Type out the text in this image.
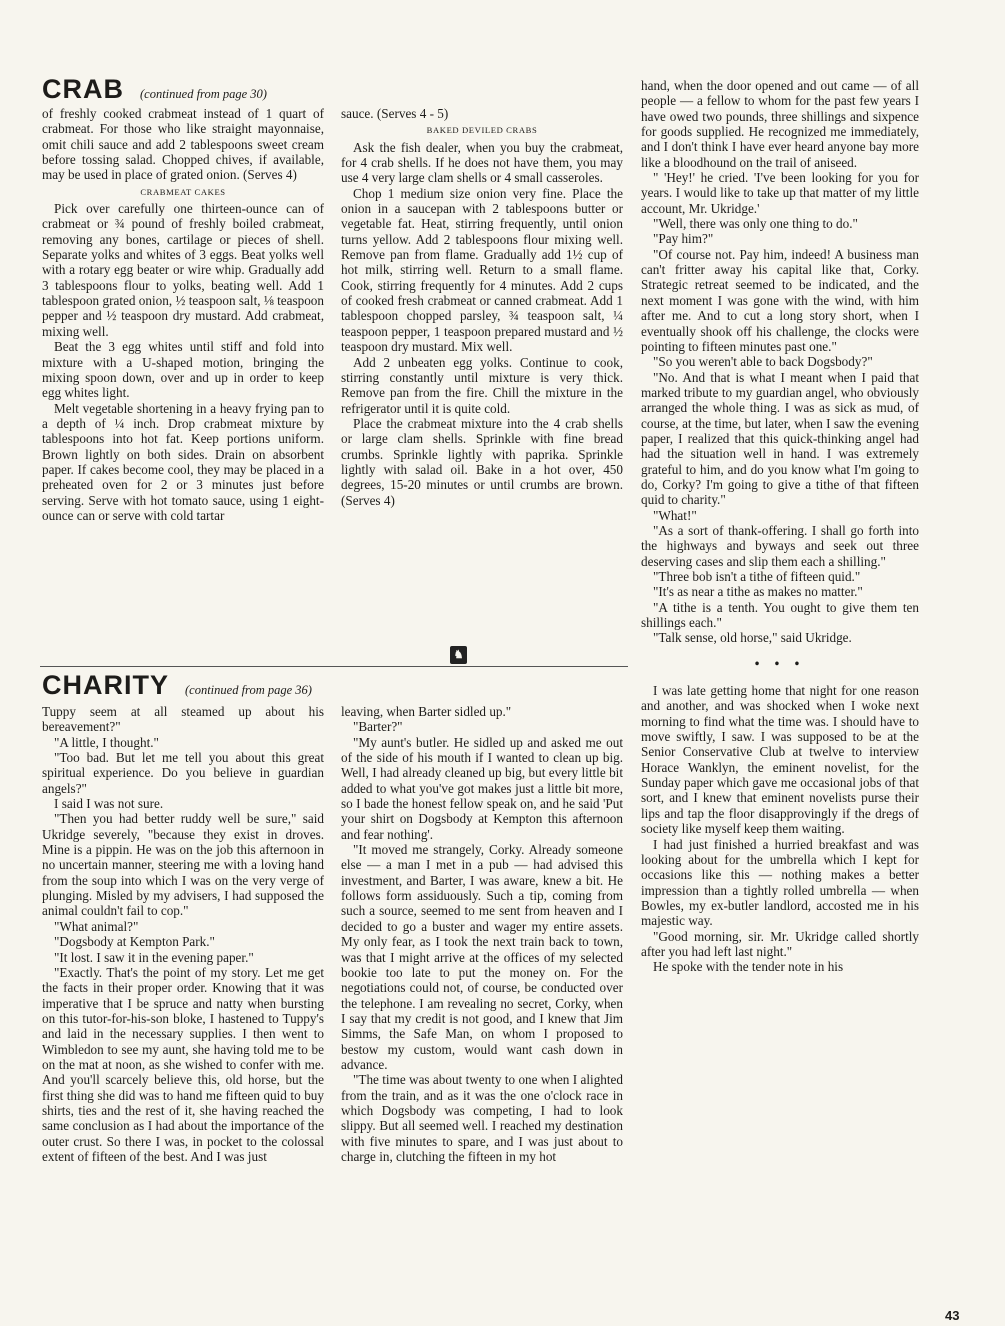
CRAB (continued from page 30)

of freshly cooked crabmeat instead of 1 quart of crabmeat. For those who like straight mayonnaise, omit chili sauce and add 2 tablespoons sweet cream before tossing salad. Chopped chives, if available, may be used in place of grated onion. (Serves 4)

CRABMEAT CAKES

Pick over carefully one thirteen-ounce can of crabmeat or ¾ pound of freshly boiled crabmeat, removing any bones, cartilage or pieces of shell. Separate yolks and whites of 3 eggs. Beat yolks well with a rotary egg beater or wire whip. Gradually add 3 tablespoons flour to yolks, beating well. Add 1 tablespoon grated onion, ½ teaspoon salt, ⅛ teaspoon pepper and ½ teaspoon dry mustard. Add crabmeat, mixing well.

Beat the 3 egg whites until stiff and fold into mixture with a U-shaped motion, bringing the mixing spoon down, over and up in order to keep egg whites light.

Melt vegetable shortening in a heavy frying pan to a depth of ¼ inch. Drop crabmeat mixture by tablespoons into hot fat. Keep portions uniform. Brown lightly on both sides. Drain on absorbent paper. If cakes become cool, they may be placed in a preheated oven for 2 or 3 minutes just before serving. Serve with hot tomato sauce, using 1 eight-ounce can or serve with cold tartar

sauce. (Serves 4 - 5)

BAKED DEVILED CRABS

Ask the fish dealer, when you buy the crabmeat, for 4 crab shells. If he does not have them, you may use 4 very large clam shells or 4 small casseroles.

Chop 1 medium size onion very fine. Place the onion in a saucepan with 2 tablespoons butter or vegetable fat. Heat, stirring frequently, until onion turns yellow. Add 2 tablespoons flour mixing well. Remove pan from flame. Gradually add 1½ cup of hot milk, stirring well. Return to a small flame. Cook, stirring frequently for 4 minutes. Add 2 cups of cooked fresh crabmeat or canned crabmeat. Add 1 tablespoon chopped parsley, ¾ teaspoon salt, ¼ teaspoon pepper, 1 teaspoon prepared mustard and ½ teaspoon dry mustard. Mix well.

Add 2 unbeaten egg yolks. Continue to cook, stirring constantly until mixture is very thick. Remove pan from the fire. Chill the mixture in the refrigerator until it is quite cold.

Place the crabmeat mixture into the 4 crab shells or large clam shells. Sprinkle with fine bread crumbs. Sprinkle lightly with paprika. Sprinkle lightly with salad oil. Bake in a hot over, 450 degrees, 15-20 minutes or until crumbs are brown. (Serves 4)

♞
CHARITY (continued from page 36)

Tuppy seem at all steamed up about his bereavement?"

"A little, I thought."

"Too bad. But let me tell you about this great spiritual experience. Do you believe in guardian angels?"

I said I was not sure.

"Then you had better ruddy well be sure," said Ukridge severely, "because they exist in droves. Mine is a pippin. He was on the job this afternoon in no uncertain manner, steering me with a loving hand from the soup into which I was on the very verge of plunging. Misled by my advisers, I had supposed the animal couldn't fail to cop."

"What animal?"

"Dogsbody at Kempton Park."

"It lost. I saw it in the evening paper."

"Exactly. That's the point of my story. Let me get the facts in their proper order. Knowing that it was imperative that I be spruce and natty when bursting on this tutor-for-his-son bloke, I hastened to Tuppy's and laid in the necessary supplies. I then went to Wimbledon to see my aunt, she having told me to be on the mat at noon, as she wished to confer with me. And you'll scarcely believe this, old horse, but the first thing she did was to hand me fifteen quid to buy shirts, ties and the rest of it, she having reached the same conclusion as I had about the importance of the outer crust. So there I was, in pocket to the colossal extent of fifteen of the best. And I was just

leaving, when Barter sidled up."

"Barter?"

"My aunt's butler. He sidled up and asked me out of the side of his mouth if I wanted to clean up big. Well, I had already cleaned up big, but every little bit added to what you've got makes just a little bit more, so I bade the honest fellow speak on, and he said 'Put your shirt on Dogsbody at Kempton this afternoon and fear nothing'.

"It moved me strangely, Corky. Already someone else — a man I met in a pub — had advised this investment, and Barter, I was aware, knew a bit. He follows form assiduously. Such a tip, coming from such a source, seemed to me sent from heaven and I decided to go a buster and wager my entire assets. My only fear, as I took the next train back to town, was that I might arrive at the offices of my selected bookie too late to put the money on. For the negotiations could not, of course, be conducted over the telephone. I am revealing no secret, Corky, when I say that my credit is not good, and I knew that Jim Simms, the Safe Man, on whom I proposed to bestow my custom, would want cash down in advance.

"The time was about twenty to one when I alighted from the train, and as it was the one o'clock race in which Dogsbody was competing, I had to look slippy. But all seemed well. I reached my destination with five minutes to spare, and I was just about to charge in, clutching the fifteen in my hot

hand, when the door opened and out came — of all people — a fellow to whom for the past few years I have owed two pounds, three shillings and sixpence for goods supplied. He recognized me immediately, and I don't think I have ever heard anyone bay more like a bloodhound on the trail of aniseed.

" 'Hey!' he cried. 'I've been looking for you for years. I would like to take up that matter of my little account, Mr. Ukridge.'

"Well, there was only one thing to do."

"Pay him?"

"Of course not. Pay him, indeed! A business man can't fritter away his capital like that, Corky. Strategic retreat seemed to be indicated, and the next moment I was gone with the wind, with him after me. And to cut a long story short, when I eventually shook off his challenge, the clocks were pointing to fifteen minutes past one."

"So you weren't able to back Dogsbody?"

"No. And that is what I meant when I paid that marked tribute to my guardian angel, who obviously arranged the whole thing. I was as sick as mud, of course, at the time, but later, when I saw the evening paper, I realized that this quick-thinking angel had had the situation well in hand. I was extremely grateful to him, and do you know what I'm going to do, Corky? I'm going to give a tithe of that fifteen quid to charity."

"What!"

"As a sort of thank-offering. I shall go forth into the highways and byways and seek out three deserving cases and slip them each a shilling."

"Three bob isn't a tithe of fifteen quid."

"It's as near a tithe as makes no matter."

"A tithe is a tenth. You ought to give them ten shillings each."

"Talk sense, old horse," said Ukridge.

• • •

I was late getting home that night for one reason and another, and was shocked when I woke next morning to find what the time was. I should have to move swiftly, I saw. I was supposed to be at the Senior Conservative Club at twelve to interview Horace Wanklyn, the eminent novelist, for the Sunday paper which gave me occasional jobs of that sort, and I knew that eminent novelists purse their lips and tap the floor disapprovingly if the dregs of society like myself keep them waiting.

I had just finished a hurried breakfast and was looking about for the umbrella which I kept for occasions like this — nothing makes a better impression than a tightly rolled umbrella — when Bowles, my ex-butler landlord, accosted me in his majestic way.

"Good morning, sir. Mr. Ukridge called shortly after you had left last night."

He spoke with the tender note in his

43
